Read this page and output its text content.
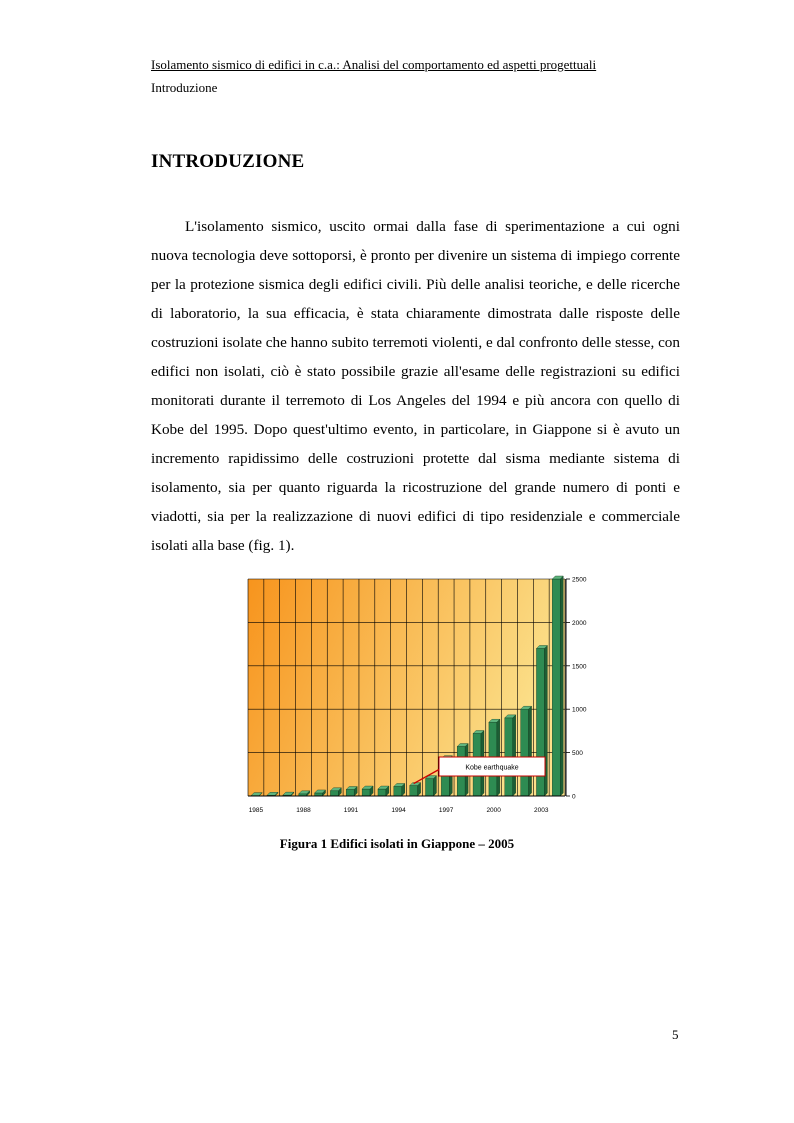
Isolamento sismico di edifici in c.a.: Analisi del comportamento ed aspetti progettuali
Introduzione
INTRODUZIONE

L'isolamento sismico, uscito ormai dalla fase di sperimentazione a cui ogni nuova tecnologia deve sottoporsi, è pronto per divenire un sistema di impiego corrente per la protezione sismica degli edifici civili. Più delle analisi teoriche, e delle ricerche di laboratorio, la sua efficacia, è stata chiaramente dimostrata dalle risposte delle costruzioni isolate che hanno subito terremoti violenti, e dal confronto delle stesse, con edifici non isolati, ciò è stato possibile grazie all'esame delle registrazioni su edifici monitorati durante il terremoto di Los Angeles del 1994 e più ancora con quello di Kobe del 1995. Dopo quest'ultimo evento, in particolare, in Giappone si è avuto un incremento rapidissimo delle costruzioni protette dal sisma mediante sistema di isolamento, sia per quanto riguarda la ricostruzione del grande numero di ponti e viadotti, sia per la realizzazione di nuovi edifici di tipo residenziale e commerciale isolati alla base (fig. 1).

0
500
1000
1500
2000
2500
1985	1988	1991	1994	1997	2000	2003
Kobe earthquake
Figura 1 Edifici isolati in Giappone – 2005
5
